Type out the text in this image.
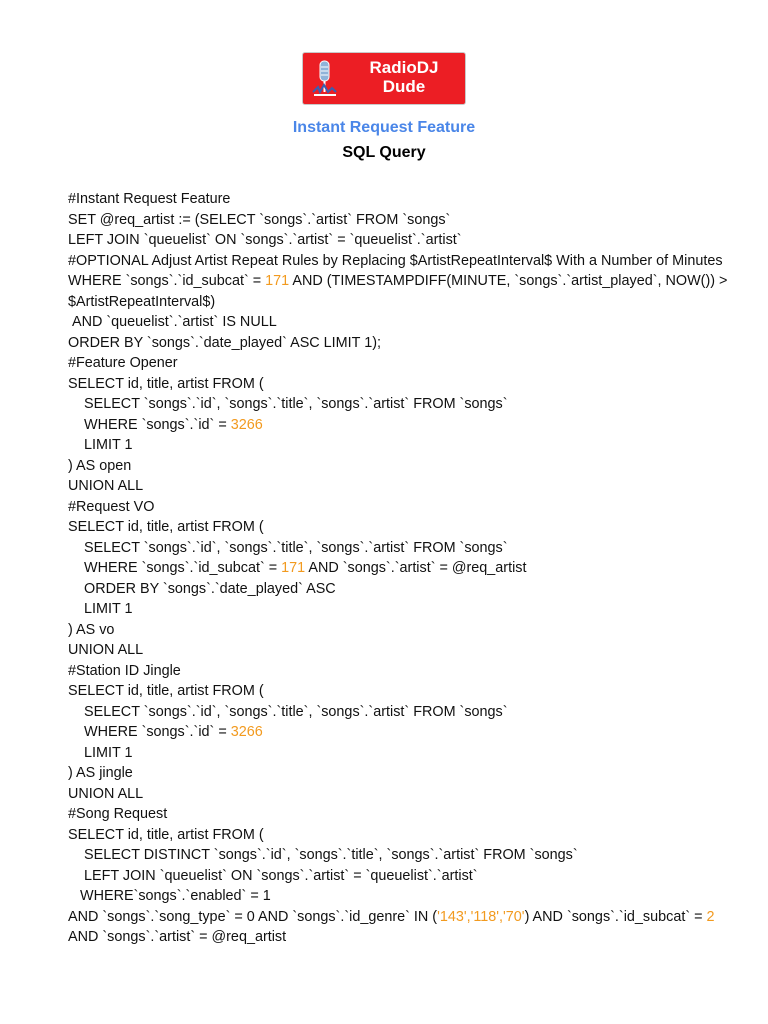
RadioDJ
Dude
Instant Request Feature
SQL Query
#Instant Request Feature
SET @req_artist := (SELECT `songs`.`artist` FROM `songs`
LEFT JOIN `queuelist` ON `songs`.`artist` = `queuelist`.`artist`
#OPTIONAL Adjust Artist Repeat Rules by Replacing $ArtistRepeatInterval$ With a Number of Minutes
WHERE `songs`.`id_subcat` = 171 AND (TIMESTAMPDIFF(MINUTE, `songs`.`artist_played`, NOW()) > $ArtistRepeatInterval$)
AND `queuelist`.`artist` IS NULL
ORDER BY `songs`.`date_played` ASC LIMIT 1);
#Feature Opener
SELECT id, title, artist FROM (
SELECT `songs`.`id`, `songs`.`title`, `songs`.`artist` FROM `songs`
WHERE `songs`.`id` = 3266
LIMIT 1
) AS open
UNION ALL
#Request VO
SELECT id, title, artist FROM (
SELECT `songs`.`id`, `songs`.`title`, `songs`.`artist` FROM `songs`
WHERE `songs`.`id_subcat` = 171 AND `songs`.`artist` = @req_artist
ORDER BY `songs`.`date_played` ASC
LIMIT 1
) AS vo
UNION ALL
#Station ID Jingle
SELECT id, title, artist FROM (
SELECT `songs`.`id`, `songs`.`title`, `songs`.`artist` FROM `songs`
WHERE `songs`.`id` = 3266
LIMIT 1
) AS jingle
UNION ALL
#Song Request
SELECT id, title, artist FROM (
SELECT DISTINCT `songs`.`id`, `songs`.`title`, `songs`.`artist` FROM `songs`
LEFT JOIN `queuelist` ON `songs`.`artist` = `queuelist`.`artist`
WHERE`songs`.`enabled` = 1
AND `songs`.`song_type` = 0 AND `songs`.`id_genre` IN ('143','118','70') AND `songs`.`id_subcat` = 2 AND `songs`.`artist` = @req_artist
